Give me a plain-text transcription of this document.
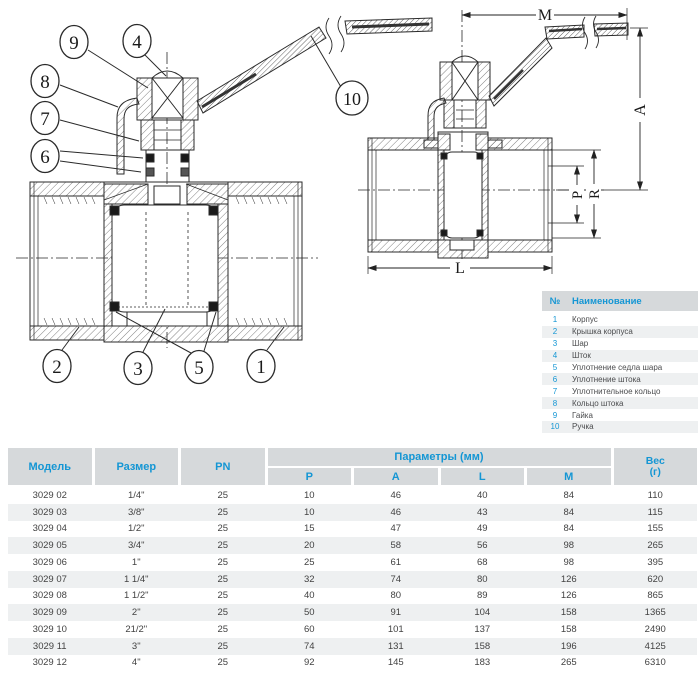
M
A
P R
L
9	4
8
7
6
10
2	3	5	1
№	Наименование
1	Корпус
2	Крышка корпуса
3	Шар
4	Шток
5	Уплотнение седла шара
6	Уплотнение штока
7	Уплотнительное кольцо
8	Кольцо штока
9	Гайка
10	Ручка
Модель	Размер	PN
Параметры (мм)
P	A	L	M
Вес
(г)
3029 02	1/4"	25	10	46	40	84	110
3029 03	3/8"	25	10	46	43	84	115
3029 04	1/2"	25	15	47	49	84	155
3029 05	3/4"	25	20	58	56	98	265
3029 06	1"	25	25	61	68	98	395
3029 07	1 1/4"	25	32	74	80	126	620
3029 08	1 1/2"	25	40	80	89	126	865
3029 09	2"	25	50	91	104	158	1365
3029 10	21/2"	25	60	101	137	158	2490
3029 11	3"	25	74	131	158	196	4125
3029 12	4"	25	92	145	183	265	6310
